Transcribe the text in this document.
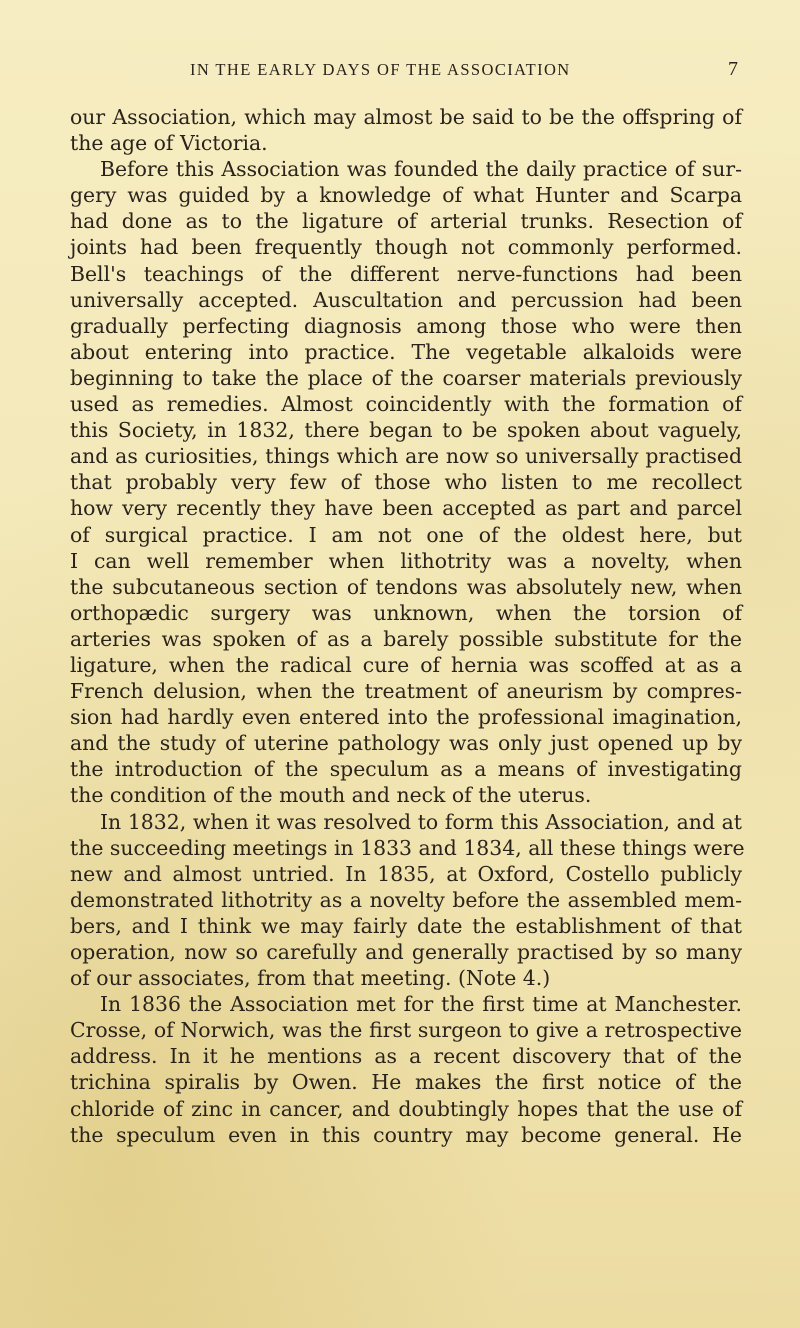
IN THE EARLY DAYS OF THE ASSOCIATION	7
our Association, which may almost be said to be the offspring of
the age of Victoria.
Before this Association was founded the daily practice of sur-
gery was guided by a knowledge of what Hunter and Scarpa
had done as to the ligature of arterial trunks. Resection of
joints had been frequently though not commonly performed.
Bell's teachings of the different nerve-functions had been
universally accepted. Auscultation and percussion had been
gradually perfecting diagnosis among those who were then
about entering into practice. The vegetable alkaloids were
beginning to take the place of the coarser materials previously
used as remedies. Almost coincidently with the formation of
this Society, in 1832, there began to be spoken about vaguely,
and as curiosities, things which are now so universally practised
that probably very few of those who listen to me recollect
how very recently they have been accepted as part and parcel
of surgical practice. I am not one of the oldest here, but
I can well remember when lithotrity was a novelty, when
the subcutaneous section of tendons was absolutely new, when
orthopædic surgery was unknown, when the torsion of
arteries was spoken of as a barely possible substitute for the
ligature, when the radical cure of hernia was scoffed at as a
French delusion, when the treatment of aneurism by compres-
sion had hardly even entered into the professional imagination,
and the study of uterine pathology was only just opened up by
the introduction of the speculum as a means of investigating
the condition of the mouth and neck of the uterus.
In 1832, when it was resolved to form this Association, and at
the succeeding meetings in 1833 and 1834, all these things were
new and almost untried. In 1835, at Oxford, Costello publicly
demonstrated lithotrity as a novelty before the assembled mem-
bers, and I think we may fairly date the establishment of that
operation, now so carefully and generally practised by so many
of our associates, from that meeting. (Note 4.)
In 1836 the Association met for the first time at Manchester.
Crosse, of Norwich, was the first surgeon to give a retrospective
address. In it he mentions as a recent discovery that of the
trichina spiralis by Owen. He makes the first notice of the
chloride of zinc in cancer, and doubtingly hopes that the use of
the speculum even in this country may become general. He
